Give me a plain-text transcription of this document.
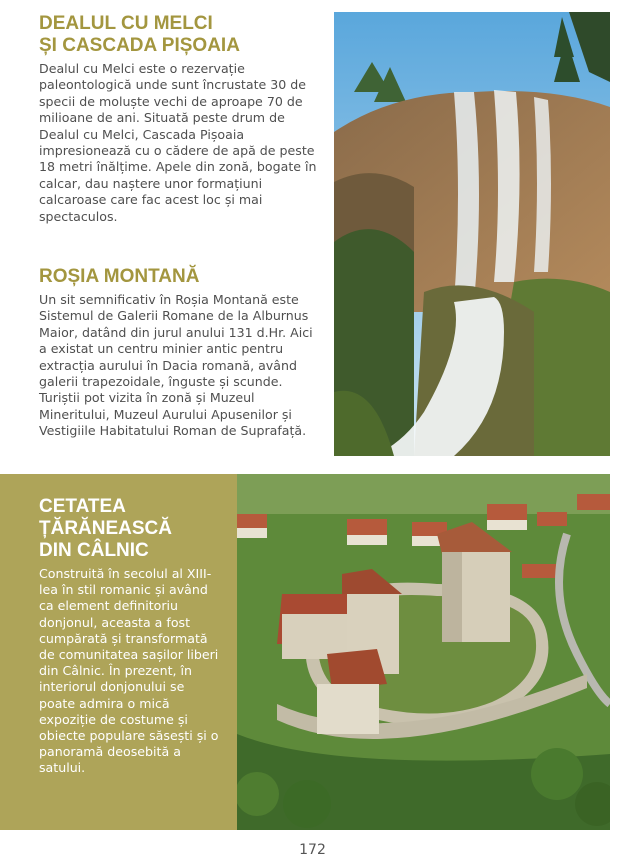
DEALUL CU MELCI
ȘI CASCADA PIȘOAIA

Dealul cu Melci este o rezervație paleontologică unde sunt încrustate 30 de specii de moluște vechi de aproape 70 de milioane de ani. Situată peste drum de Dealul cu Melci, Cascada Pișoaia impresionează cu o cădere de apă de peste 18 metri înălțime. Apele din zonă, bogate în calcar, dau naștere unor formațiuni calcaroase care fac acest loc și mai spectaculos.

ROȘIA MONTANĂ

Un sit semnificativ în Roșia Montană este Sistemul de Galerii Romane de la Alburnus Maior, datând din jurul anului 131 d.Hr. Aici a existat un centru minier antic pentru extracția aurului în Dacia romană, având galerii trapezoidale, înguste și scunde. Turiștii pot vizita în zonă și Muzeul Mineritului, Muzeul Aurului Apusenilor și Vestigiile Habitatului Roman de Suprafață.

CETATEA
ȚĂRĂNEASCĂ
DIN CÂLNIC

Construită în secolul al XIII-lea în stil romanic și având ca element definitoriu donjonul, aceasta a fost cumpărată și transformată de comunitatea sașilor liberi din Câlnic. În prezent, în interiorul donjonului se poate admira o mică expoziție de costume și obiecte populare săsești și o panoramă deosebită a satului.

172
